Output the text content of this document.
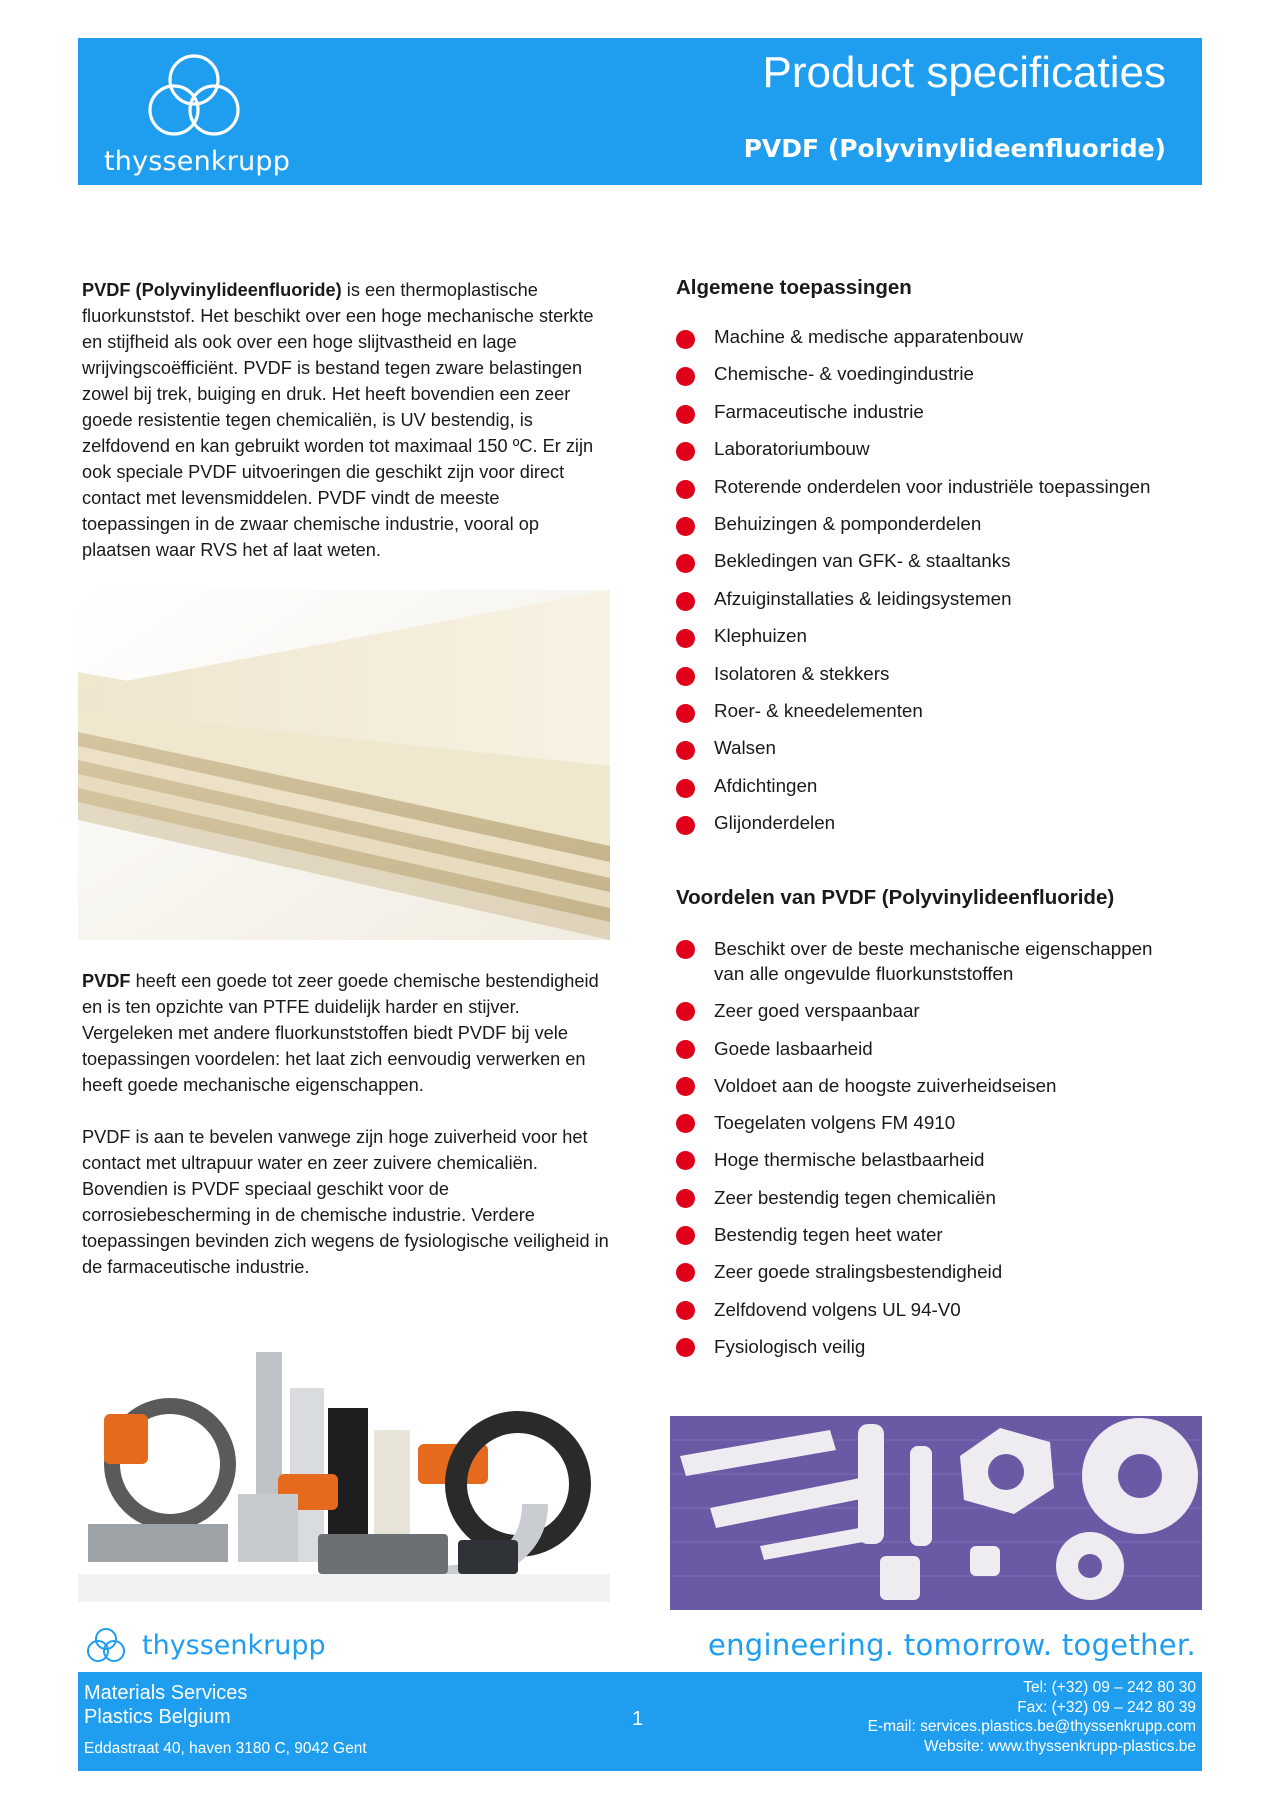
thyssenkrupp
Product specificaties
PVDF (Polyvinylideenfluoride)

PVDF (Polyvinylideenfluoride) is een thermoplastische fluorkunststof. Het beschikt over een hoge mechanische sterkte en stijfheid als ook over een hoge slijtvastheid en lage wrijvingscoëfficiënt. PVDF is bestand tegen zware belastingen zowel bij trek, buiging en druk. Het heeft bovendien een zeer goede resistentie tegen chemicaliën, is UV bestendig, is zelfdovend en kan gebruikt worden tot maximaal 150 ºC. Er zijn ook speciale PVDF uitvoeringen die geschikt zijn voor direct contact met levensmiddelen. PVDF vindt de meeste toepassingen in de zwaar chemische industrie, vooral op plaatsen waar RVS het af laat weten.

PVDF heeft een goede tot zeer goede chemische bestendigheid en is ten opzichte van PTFE duidelijk harder en stijver. Vergeleken met andere fluorkunststoffen biedt PVDF bij vele toepassingen voordelen: het laat zich eenvoudig verwerken en heeft goede mechanische eigenschappen.

PVDF is aan te bevelen vanwege zijn hoge zuiverheid voor het contact met ultrapuur water en zeer zuivere chemicaliën. Bovendien is PVDF speciaal geschikt voor de corrosiebescherming in de chemische industrie. Verdere toepassingen bevinden zich wegens de fysiologische veiligheid in de farmaceutische industrie.

Algemene toepassingen
Machine & medische apparatenbouw
Chemische- & voedingindustrie
Farmaceutische industrie
Laboratoriumbouw
Roterende onderdelen voor industriële toepassingen
Behuizingen & pomponderdelen
Bekledingen van GFK- & staaltanks
Afzuiginstallaties & leidingsystemen
Klephuizen
Isolatoren & stekkers
Roer- & kneedelementen
Walsen
Afdichtingen
Glijonderdelen
Voordelen van PVDF (Polyvinylideenfluoride)
Beschikt over de beste mechanische eigenschappen van alle ongevulde fluorkunststoffen
Zeer goed verspaanbaar
Goede lasbaarheid
Voldoet aan de hoogste zuiverheidseisen
Toegelaten volgens FM 4910
Hoge thermische belastbaarheid
Zeer bestendig tegen chemicaliën
Bestendig tegen heet water
Zeer goede stralingsbestendigheid
Zelfdovend volgens UL 94-V0
Fysiologisch veilig
thyssenkrupp	engineering. tomorrow. together.
Materials Services
Plastics Belgium
Eddastraat 40, haven 3180 C, 9042 Gent
1
Tel: (+32) 09 – 242 80 30
Fax: (+32) 09 – 242 80 39
E-mail: services.plastics.be@thyssenkrupp.com
Website: www.thyssenkrupp-plastics.be
